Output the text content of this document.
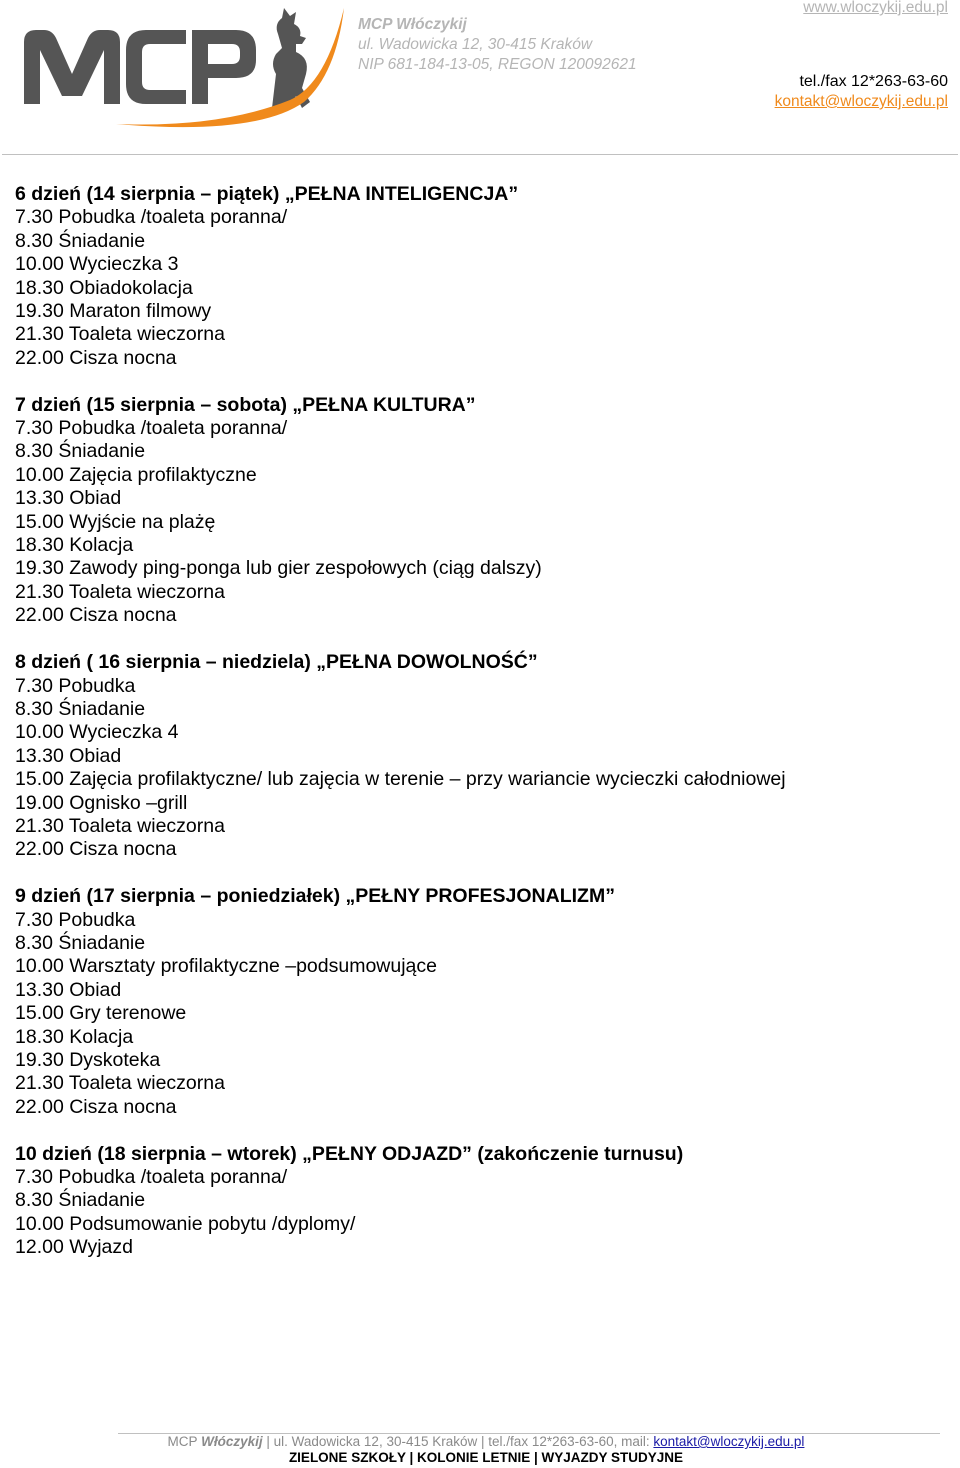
MCP Włóczykij
ul. Wadowicka 12, 30-415 Kraków
NIP 681-184-13-05, REGON 120092621
www.wloczykij.edu.pl
tel./fax 12*263-63-60
kontakt@wloczykij.edu.pl
6 dzień (14 sierpnia – piątek) „PEŁNA INTELIGENCJA”
7.30 Pobudka /toaleta poranna/
8.30 Śniadanie
10.00 Wycieczka 3
18.30 Obiadokolacja
19.30 Maraton filmowy
21.30 Toaleta wieczorna
22.00 Cisza nocna
7 dzień (15 sierpnia – sobota) „PEŁNA KULTURA”
7.30 Pobudka /toaleta poranna/
8.30 Śniadanie
10.00 Zajęcia profilaktyczne
13.30 Obiad
15.00 Wyjście na plażę
18.30 Kolacja
19.30 Zawody ping-ponga lub gier zespołowych (ciąg dalszy)
21.30 Toaleta wieczorna
22.00 Cisza nocna
8 dzień ( 16 sierpnia – niedziela) „PEŁNA DOWOLNOŚĆ”
7.30 Pobudka
8.30 Śniadanie
10.00 Wycieczka 4
13.30 Obiad
15.00 Zajęcia profilaktyczne/ lub zajęcia w terenie – przy wariancie wycieczki całodniowej
19.00 Ognisko –grill
21.30 Toaleta wieczorna
22.00 Cisza nocna
9 dzień (17 sierpnia – poniedziałek) „PEŁNY PROFESJONALIZM”
7.30 Pobudka
8.30 Śniadanie
10.00 Warsztaty profilaktyczne –podsumowujące
13.30 Obiad
15.00 Gry terenowe
18.30 Kolacja
19.30 Dyskoteka
21.30 Toaleta wieczorna
22.00 Cisza nocna
10 dzień (18 sierpnia – wtorek) „PEŁNY ODJAZD” (zakończenie turnusu)
7.30 Pobudka /toaleta poranna/
8.30 Śniadanie
10.00 Podsumowanie pobytu /dyplomy/
12.00 Wyjazd
MCP Włóczykij | ul. Wadowicka 12, 30-415 Kraków | tel./fax 12*263-63-60, mail: kontakt@wloczykij.edu.pl
ZIELONE SZKOŁY | KOLONIE LETNIE | WYJAZDY STUDYJNE
